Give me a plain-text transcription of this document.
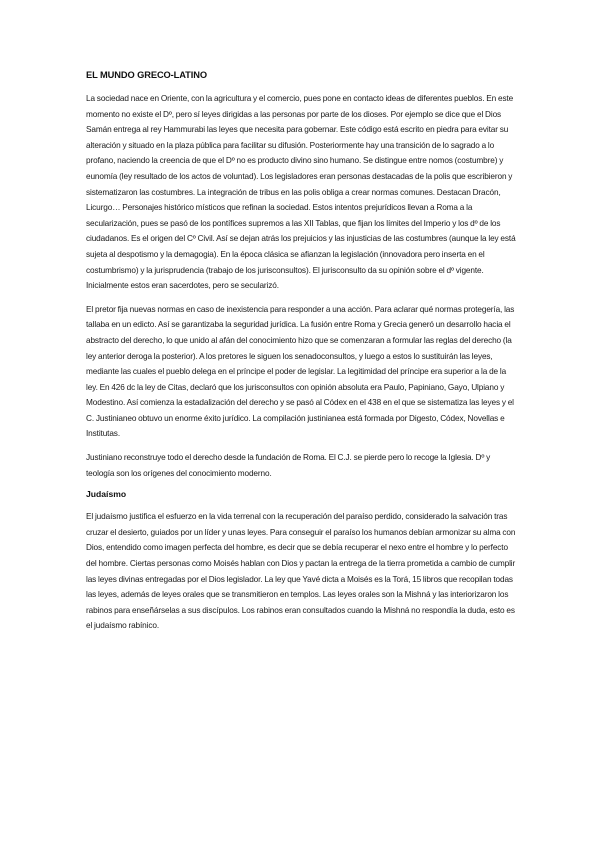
EL MUNDO GRECO-LATINO

La sociedad nace en Oriente, con la agricultura y el comercio, pues pone en contacto ideas de diferentes pueblos. En este momento no existe el Dº, pero sí leyes dirigidas a las personas por parte de los dioses. Por ejemplo se dice que el Dios Samán entrega al rey Hammurabi las leyes que necesita para gobernar. Este código está escrito en piedra para evitar su alteración y situado en la plaza pública para facilitar su difusión. Posteriormente hay una transición de lo sagrado a lo profano, naciendo la creencia de que el Dº no es producto divino sino humano. Se distingue entre nomos (costumbre) y eunomía (ley resultado de los actos de voluntad). Los legisladores eran personas destacadas de la polis que escribieron y sistematizaron las costumbres. La integración de tribus en las polis obliga a crear normas comunes. Destacan Dracón, Licurgo… Personajes histórico místicos que refinan la sociedad. Estos intentos prejurídicos llevan a Roma a la secularización, pues se pasó de los pontífices supremos a las XII Tablas, que fijan los límites del Imperio y los dº de los ciudadanos. Es el origen del Cº Civil. Así se dejan atrás los prejuicios y las injusticias de las costumbres (aunque la ley está sujeta al despotismo y la demagogia). En la época clásica se afianzan la legislación (innovadora pero inserta en el costumbrismo) y la jurisprudencia (trabajo de los jurisconsultos). El jurisconsulto da su opinión sobre el dº vigente. Inicialmente estos eran sacerdotes, pero se secularizó.

El pretor fija nuevas normas en caso de inexistencia para responder a una acción. Para aclarar qué normas protegería, las tallaba en un edicto. Así se garantizaba la seguridad jurídica. La fusión entre Roma y Grecia generó un desarrollo hacia el abstracto del derecho, lo que unido al afán del conocimiento hizo que se comenzaran a formular las reglas del derecho (la ley anterior deroga la posterior). A los pretores le siguen los senadoconsultos, y luego a estos lo sustituirán las leyes, mediante las cuales el pueblo delega en el príncipe el poder de legislar. La legitimidad del príncipe era superior a la de la ley. En 426 dc la ley de Citas, declaró que los jurisconsultos con opinión absoluta era Paulo, Papiniano, Gayo, Ulpiano y Modestino. Así comienza la estadalización del derecho y se pasó al Códex en el 438 en el que se sistematiza las leyes y el C. Justinianeo obtuvo un enorme éxito jurídico. La compilación justinianea está formada por Digesto, Códex, Novellas e Institutas.

Justiniano reconstruye todo el derecho desde la fundación de Roma. El C.J. se pierde pero lo recoge la Iglesia. Dº y teología son los orígenes del conocimiento moderno.

Judaísmo

El judaísmo justifica el esfuerzo en la vida terrenal con la recuperación del paraíso perdido, considerado la salvación tras cruzar el desierto, guiados por un líder y unas leyes. Para conseguir el paraíso los humanos debían armonizar su alma con Dios, entendido como imagen perfecta del hombre, es decir que se debía recuperar el nexo entre el hombre y lo perfecto del hombre. Ciertas personas como Moisés hablan con Dios y pactan la entrega de la tierra prometida a cambio de cumplir las leyes divinas entregadas por el Dios legislador. La ley que Yavé dicta a Moisés es la Torá, 15 libros que recopilan todas las leyes, además de leyes orales que se transmitieron en templos. Las leyes orales son la Mishná y las interiorizaron los rabinos para enseñárselas a sus discípulos. Los rabinos eran consultados cuando la Mishná no respondía la duda, esto es el judaísmo rabínico.
